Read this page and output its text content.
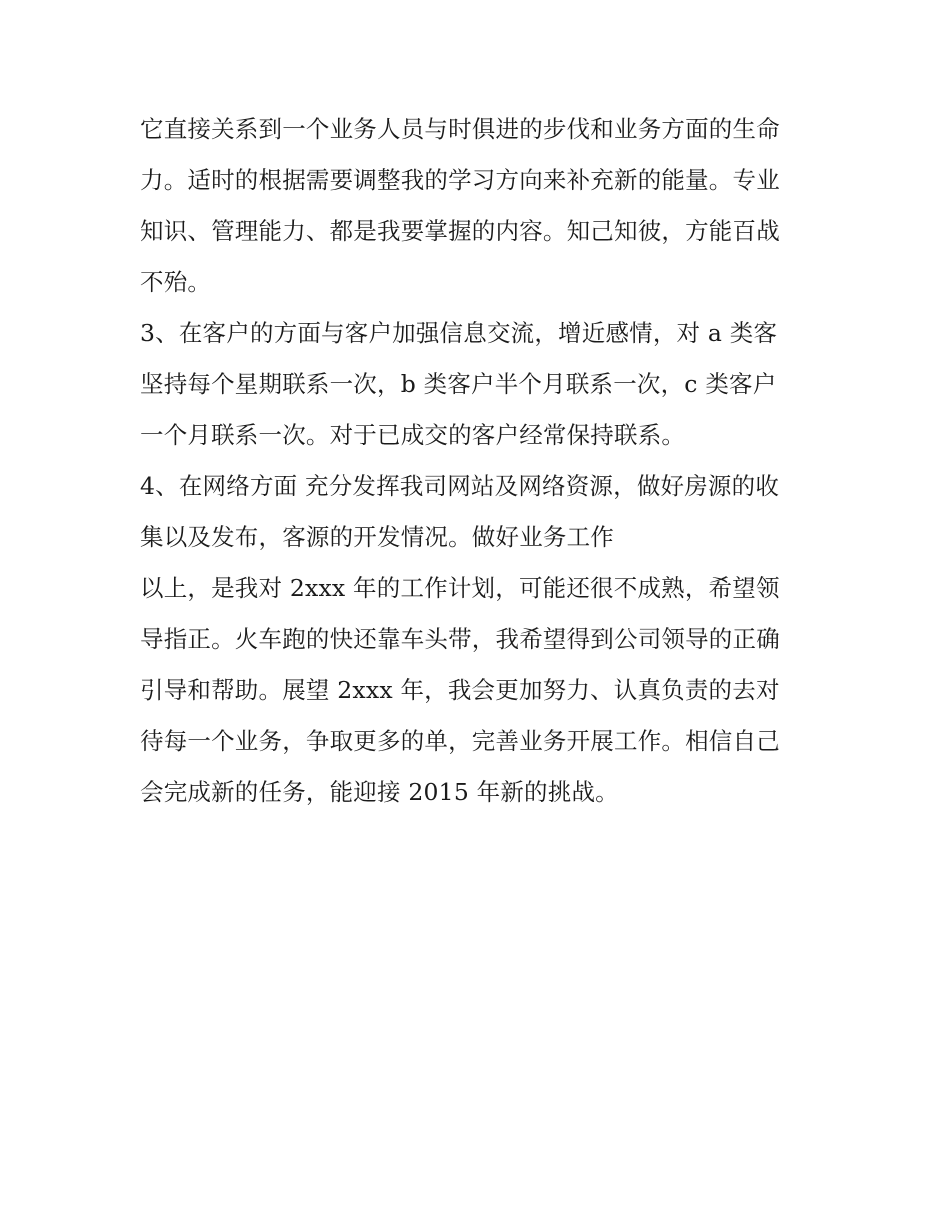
它直接关系到一个业务人员与时俱进的步伐和业务方面的生命
力。适时的根据需要调整我的学习方向来补充新的能量。专业
知识、管理能力、都是我要掌握的内容。知己知彼，方能百战
不殆。
3、在客户的方面与客户加强信息交流，增近感情，对 a 类客
坚持每个星期联系一次，b 类客户半个月联系一次，c 类客户
一个月联系一次。对于已成交的客户经常保持联系。
4、在网络方面 充分发挥我司网站及网络资源，做好房源的收
集以及发布，客源的开发情况。做好业务工作
以上，是我对 2xxx 年的工作计划，可能还很不成熟，希望领
导指正。火车跑的快还靠车头带，我希望得到公司领导的正确
引导和帮助。展望 2xxx 年，我会更加努力、认真负责的去对
待每一个业务，争取更多的单，完善业务开展工作。相信自己
会完成新的任务，能迎接 2015 年新的挑战。
